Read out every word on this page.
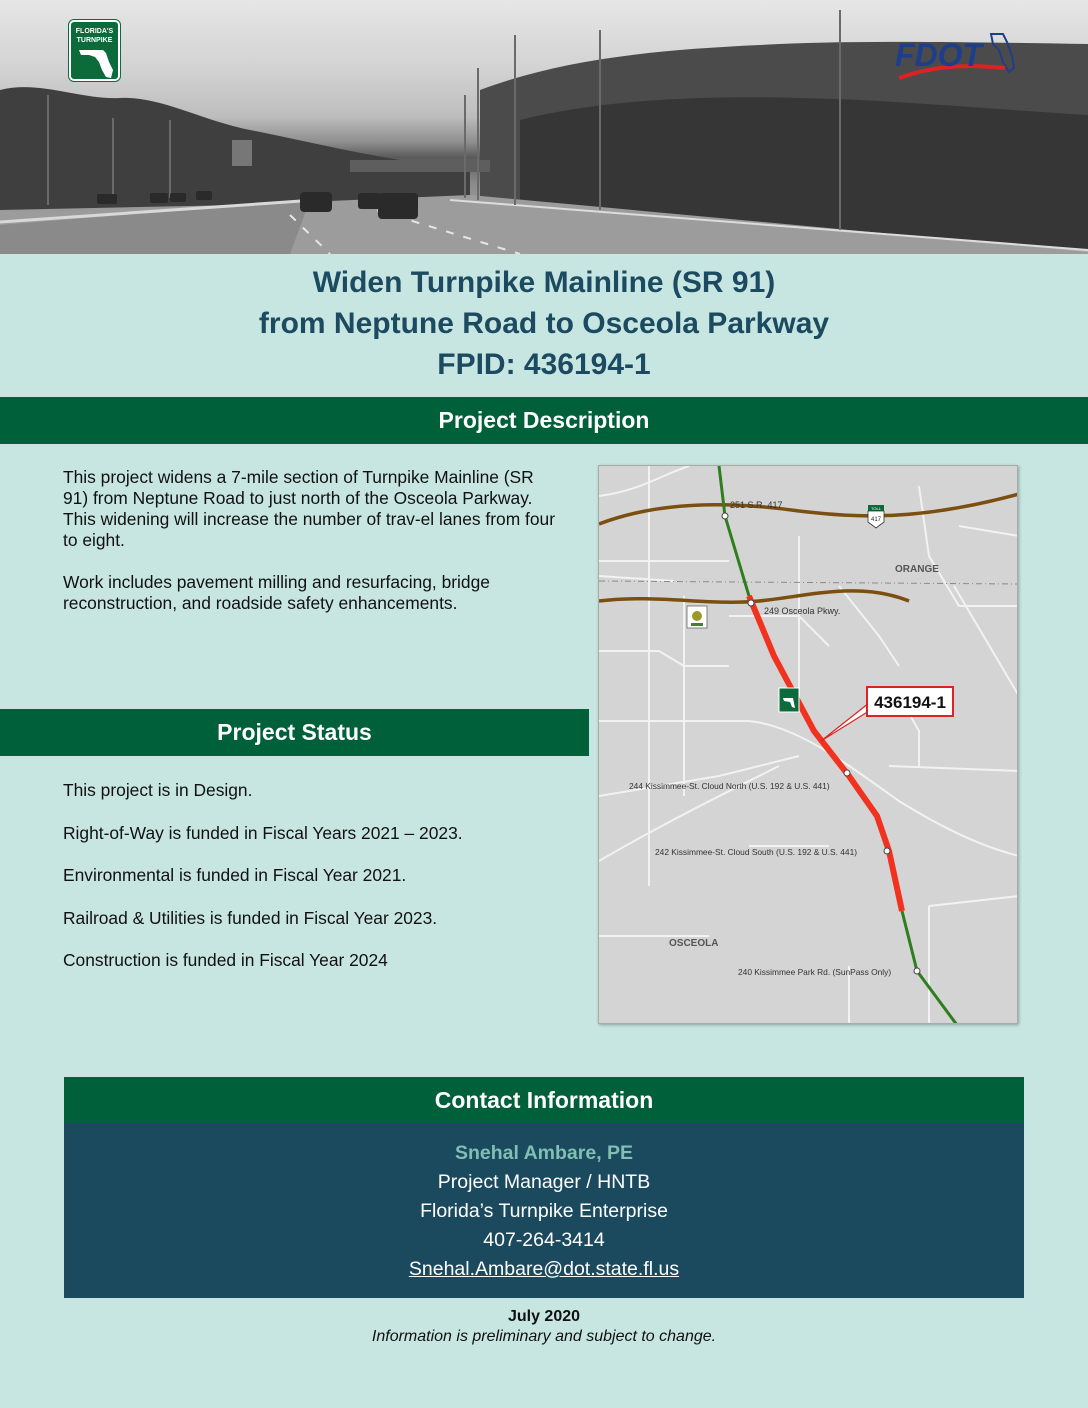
FLORIDA'S
TURNPIKE	FDOT
Widen Turnpike Mainline (SR 91)
from Neptune Road to Osceola Parkway
FPID: 436194-1
Project Description
This project widens a 7-mile section of Turnpike Mainline (SR 91) from Neptune Road to just north of the Osceola Parkway. This widening will increase the number of trav-el lanes from four to eight.
Work includes pavement milling and resurfacing, bridge reconstruction, and roadside safety enhancements.
Project Status
This project is in Design.
Right-of-Way is funded in Fiscal Years 2021 – 2023.
Environmental is funded in Fiscal Year 2021.
Railroad & Utilities is funded in Fiscal Year 2023.
Construction is funded in Fiscal Year 2024
TOLL
417
251 S.R. 417
249 Osceola Pkwy.
244 Kissimmee-St. Cloud North (U.S. 192 & U.S. 441)
242 Kissimmee-St. Cloud South (U.S. 192 & U.S. 441)
240 Kissimmee Park Rd. (SunPass Only)
ORANGE
OSCEOLA
436194-1
Contact Information
Snehal Ambare, PE
Project Manager / HNTB
Florida’s Turnpike Enterprise
407-264-3414
Snehal.Ambare@dot.state.fl.us
July 2020
Information is preliminary and subject to change.
